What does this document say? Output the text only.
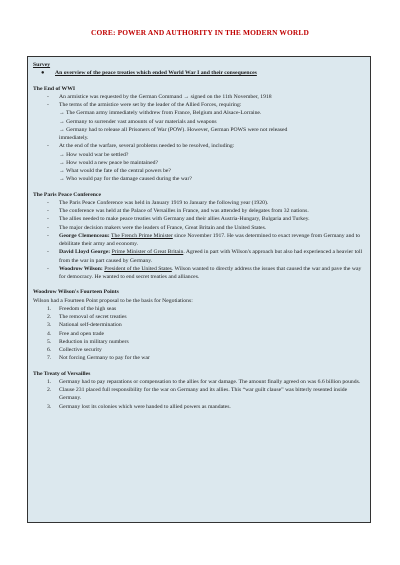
CORE: POWER AND AUTHORITY IN THE MODERN WORLD
Survey
●	An overview of the peace treaties which ended World War I and their consequences
The End of WWI
-	An armistice was requested by the German Command → signed on the 11th November, 1918
-	The terms of the armistice were set by the leader of the Allied Forces, requiring:
→ The German army immediately withdrew from France, Belgium and Alsace-Lorraine.
→ Germany to surrender vast amounts of war materials and weapons
→ Germany had to release all Prisoners of War (POW). However, German POWS were not released
immediately.
-	At the end of the warfare, several problems needed to be resolved, including:
→ How would war be settled?
→ How would a new peace be maintained?
→ What would the fate of the central powers be?
→ Who would pay for the damage caused during the war?
The Paris Peace Conference
-	The Paris Peace Conference was held in January 1919 to January the following year (1920).
-	The conference was held at the Palace of Versailles in France, and was attended by delegates from 32 nations.
-	The allies needed to make peace treaties with Germany and their allies Austria-Hungary, Bulgaria and Turkey.
-	The major decision makers were the leaders of France, Great Britain and the United States.
-	George Clemenceau: The French Prime Minister since November 1917. He was determined to exact revenge from Germany and to debilitate their army and economy.
-	David Lloyd George: Prime Minister of Great Britain. Agreed in part with Wilson's approach but also had experienced a heavier toll from the war in part caused by Germany.
-	Woodrow Wilson: President of the United States. Wilson wanted to directly address the issues that caused the war and pave the way for democracy. He wanted to end secret treaties and alliances.
Woodrow Wilson's Fourteen Points
Wilson had a Fourteen Point proposal to be the basis for Negotiations:
1.	Freedom of the high seas
2.	The removal of secret treaties
3.	National self-determination
4.	Free and open trade
5.	Reduction in military numbers
6.	Collective security
7.	Not forcing Germany to pay for the war
The Treaty of Versailles
1.	Germany had to pay reparations or compensation to the allies for war damage. The amount finally agreed on was 6.6 billion pounds.
2.	Clause 231 placed full responsibility for the war on Germany and its allies. This “war guilt clause” was bitterly resented inside Germany.
3.	Germany lost its colonies which were handed to allied powers as mandates.
